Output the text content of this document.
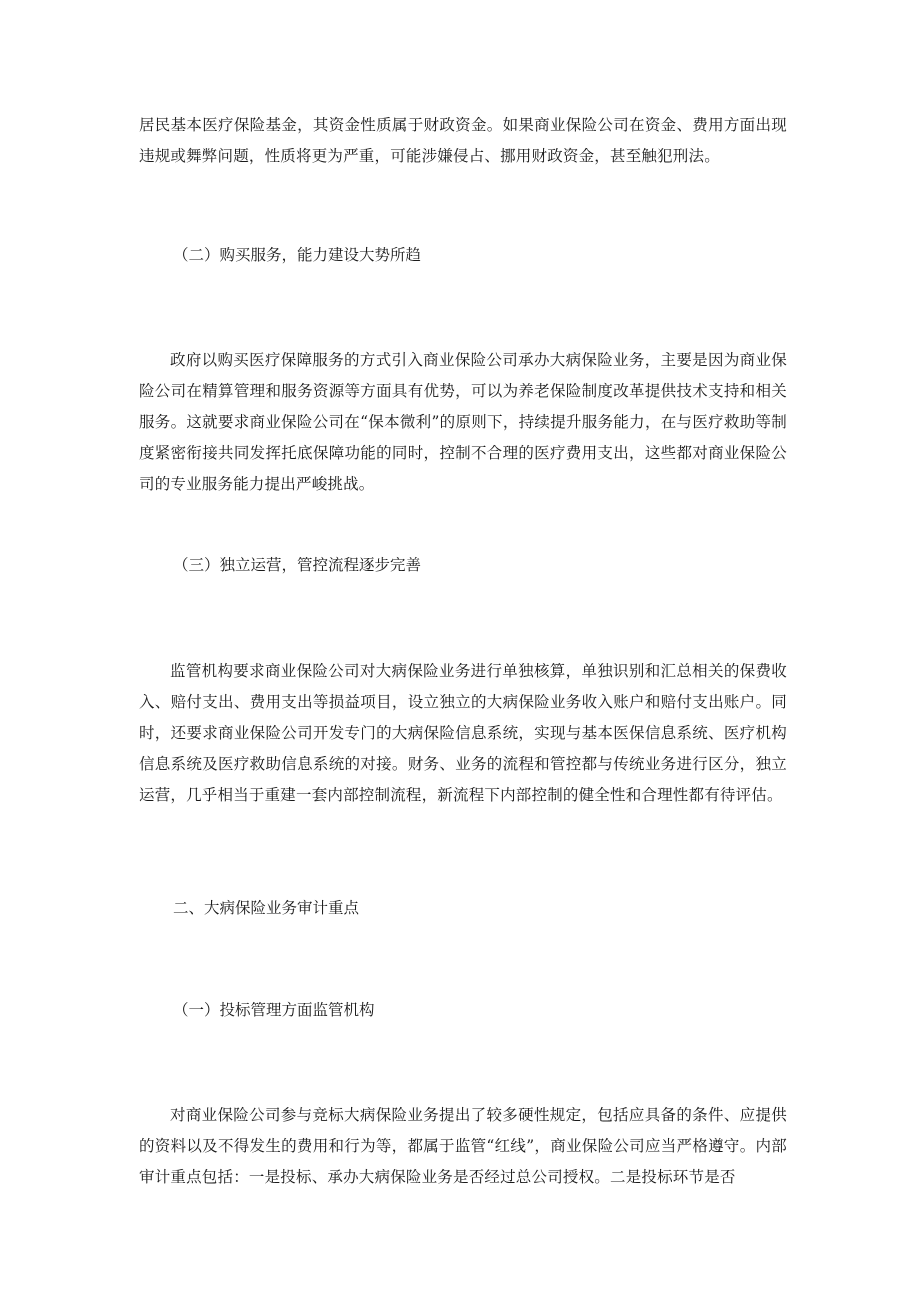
居民基本医疗保险基金，其资金性质属于财政资金。如果商业保险公司在资金、费用方面出现违规或舞弊问题，性质将更为严重，可能涉嫌侵占、挪用财政资金，甚至触犯刑法。

（二）购买服务，能力建设大势所趋

政府以购买医疗保障服务的方式引入商业保险公司承办大病保险业务，主要是因为商业保险公司在精算管理和服务资源等方面具有优势，可以为养老保险制度改革提供技术支持和相关服务。这就要求商业保险公司在“保本微利”的原则下，持续提升服务能力，在与医疗救助等制度紧密衔接共同发挥托底保障功能的同时，控制不合理的医疗费用支出，这些都对商业保险公司的专业服务能力提出严峻挑战。

（三）独立运营，管控流程逐步完善

监管机构要求商业保险公司对大病保险业务进行单独核算，单独识别和汇总相关的保费收入、赔付支出、费用支出等损益项目，设立独立的大病保险业务收入账户和赔付支出账户。同时，还要求商业保险公司开发专门的大病保险信息系统，实现与基本医保信息系统、医疗机构信息系统及医疗救助信息系统的对接。财务、业务的流程和管控都与传统业务进行区分，独立运营，几乎相当于重建一套内部控制流程，新流程下内部控制的健全性和合理性都有待评估。

二、大病保险业务审计重点

（一）投标管理方面监管机构

对商业保险公司参与竞标大病保险业务提出了较多硬性规定，包括应具备的条件、应提供的资料以及不得发生的费用和行为等，都属于监管“红线”，商业保险公司应当严格遵守。内部审计重点包括：一是投标、承办大病保险业务是否经过总公司授权。二是投标环节是否
